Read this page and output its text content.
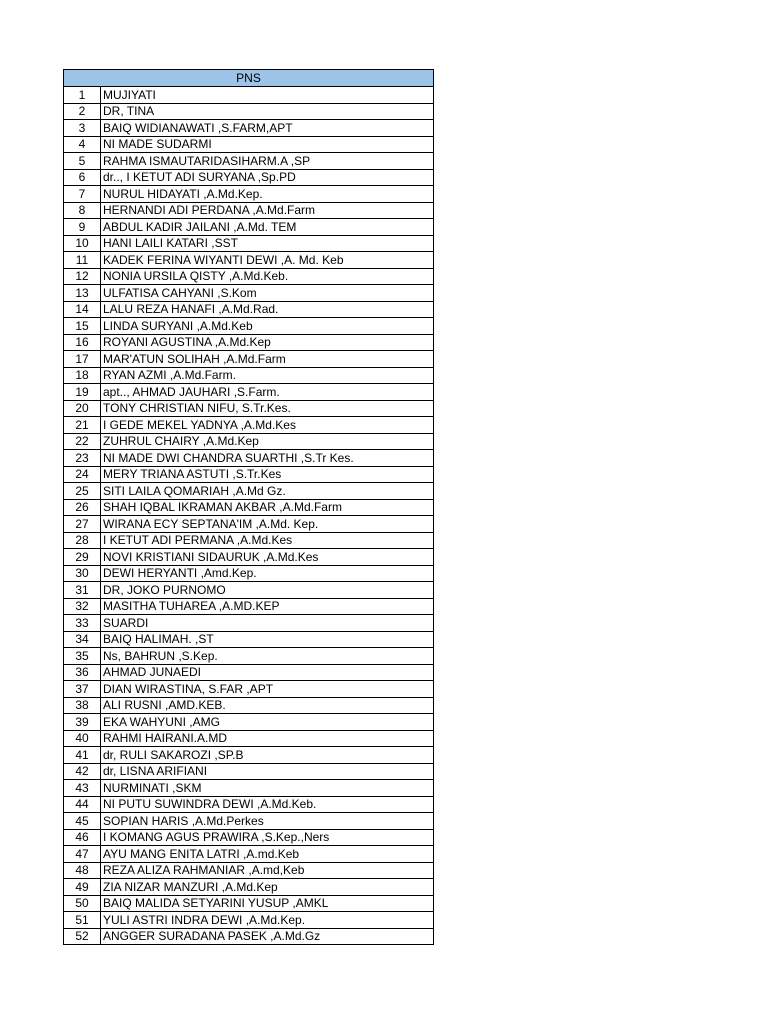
PNS	
1	MUJIYATI
2	DR, TINA
3	BAIQ WIDIANAWATI ,S.FARM,APT
4	NI MADE SUDARMI
5	RAHMA ISMAUTARIDASIHARM.A ,SP
6	dr.., I KETUT ADI SURYANA ,Sp.PD
7	NURUL HIDAYATI ,A.Md.Kep.
8	HERNANDI ADI PERDANA ,A.Md.Farm
9	ABDUL KADIR JAILANI ,A.Md. TEM
10	HANI LAILI KATARI ,SST
11	KADEK FERINA WIYANTI DEWI ,A. Md. Keb
12	NONIA URSILA QISTY ,A.Md.Keb.
13	ULFATISA CAHYANI ,S.Kom
14	LALU REZA HANAFI ,A.Md.Rad.
15	LINDA SURYANI ,A.Md.Keb
16	ROYANI AGUSTINA ,A.Md.Kep
17	MAR'ATUN SOLIHAH ,A.Md.Farm
18	RYAN AZMI ,A.Md.Farm.
19	apt.., AHMAD JAUHARI ,S.Farm.
20	TONY CHRISTIAN NIFU, S.Tr.Kes.
21	I GEDE MEKEL YADNYA ,A.Md.Kes
22	ZUHRUL CHAIRY ,A.Md.Kep
23	NI MADE DWI CHANDRA SUARTHI ,S.Tr Kes.
24	MERY TRIANA ASTUTI ,S.Tr.Kes
25	SITI LAILA QOMARIAH ,A.Md Gz.
26	SHAH IQBAL IKRAMAN AKBAR ,A.Md.Farm
27	WIRANA ECY SEPTANA'IM ,A.Md. Kep.
28	I KETUT ADI PERMANA ,A.Md.Kes
29	NOVI KRISTIANI SIDAURUK ,A.Md.Kes
30	DEWI HERYANTI ,Amd.Kep.
31	DR, JOKO PURNOMO
32	MASITHA TUHAREA ,A.MD.KEP
33	SUARDI
34	BAIQ HALIMAH. ,ST
35	Ns, BAHRUN ,S.Kep.
36	AHMAD JUNAEDI
37	DIAN WIRASTINA, S.FAR ,APT
38	ALI RUSNI ,AMD.KEB.
39	EKA WAHYUNI ,AMG
40	RAHMI HAIRANI.A.MD
41	dr, RULI SAKAROZI ,SP.B
42	dr, LISNA ARIFIANI
43	NURMINATI ,SKM
44	NI PUTU SUWINDRA DEWI ,A.Md.Keb.
45	SOPIAN HARIS ,A.Md.Perkes
46	I KOMANG AGUS PRAWIRA ,S.Kep.,Ners
47	AYU MANG ENITA LATRI ,A.md.Keb
48	REZA ALIZA RAHMANIAR ,A.md,Keb
49	ZIA NIZAR MANZURI ,A.Md.Kep
50	BAIQ MALIDA SETYARINI YUSUP ,AMKL
51	YULI ASTRI INDRA DEWI ,A.Md.Kep.
52	ANGGER SURADANA PASEK ,A.Md.Gz
